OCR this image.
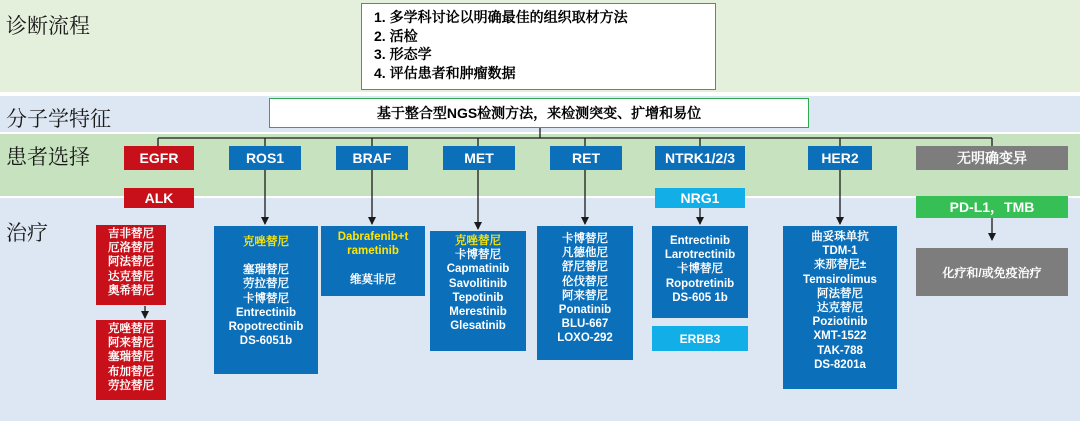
诊断流程
分子学特征
患者选择
治疗
1. 多学科讨论以明确最佳的组织取材方法
2. 活检
3. 形态学
4. 评估患者和肿瘤数据
基于整合型NGS检测方法，来检测突变、扩增和易位
EGFR
ALK
ROS1	BRAF	MET	RET	NTRK1/2/3
NRG1
HER2	无明确变异
PD-L1，TMB
吉非替尼
厄洛替尼
阿法替尼
达克替尼
奥希替尼
克唑替尼
阿来替尼
塞瑞替尼
布加替尼
劳拉替尼
克唑替尼
塞瑞替尼
劳拉替尼
卡博替尼
Entrectinib
Ropotrectinib
DS-6051b
Dabrafenib+t
rametinib
维莫非尼
克唑替尼
卡博替尼
Capmatinib
Savolitinib
Tepotinib
Merestinib
Glesatinib
卡博替尼
凡德他尼
舒尼替尼
伦伐替尼
阿来替尼
Ponatinib
BLU-667
LOXO-292
Entrectinib
Larotrectinib
卡博替尼
Ropotretinib
DS-605 1b
ERBB3
曲妥珠单抗
TDM-1
来那替尼±
Temsirolimus
阿法替尼
达克替尼
Poziotinib
XMT-1522
TAK-788
DS-8201a
化疗和/或免疫治疗
